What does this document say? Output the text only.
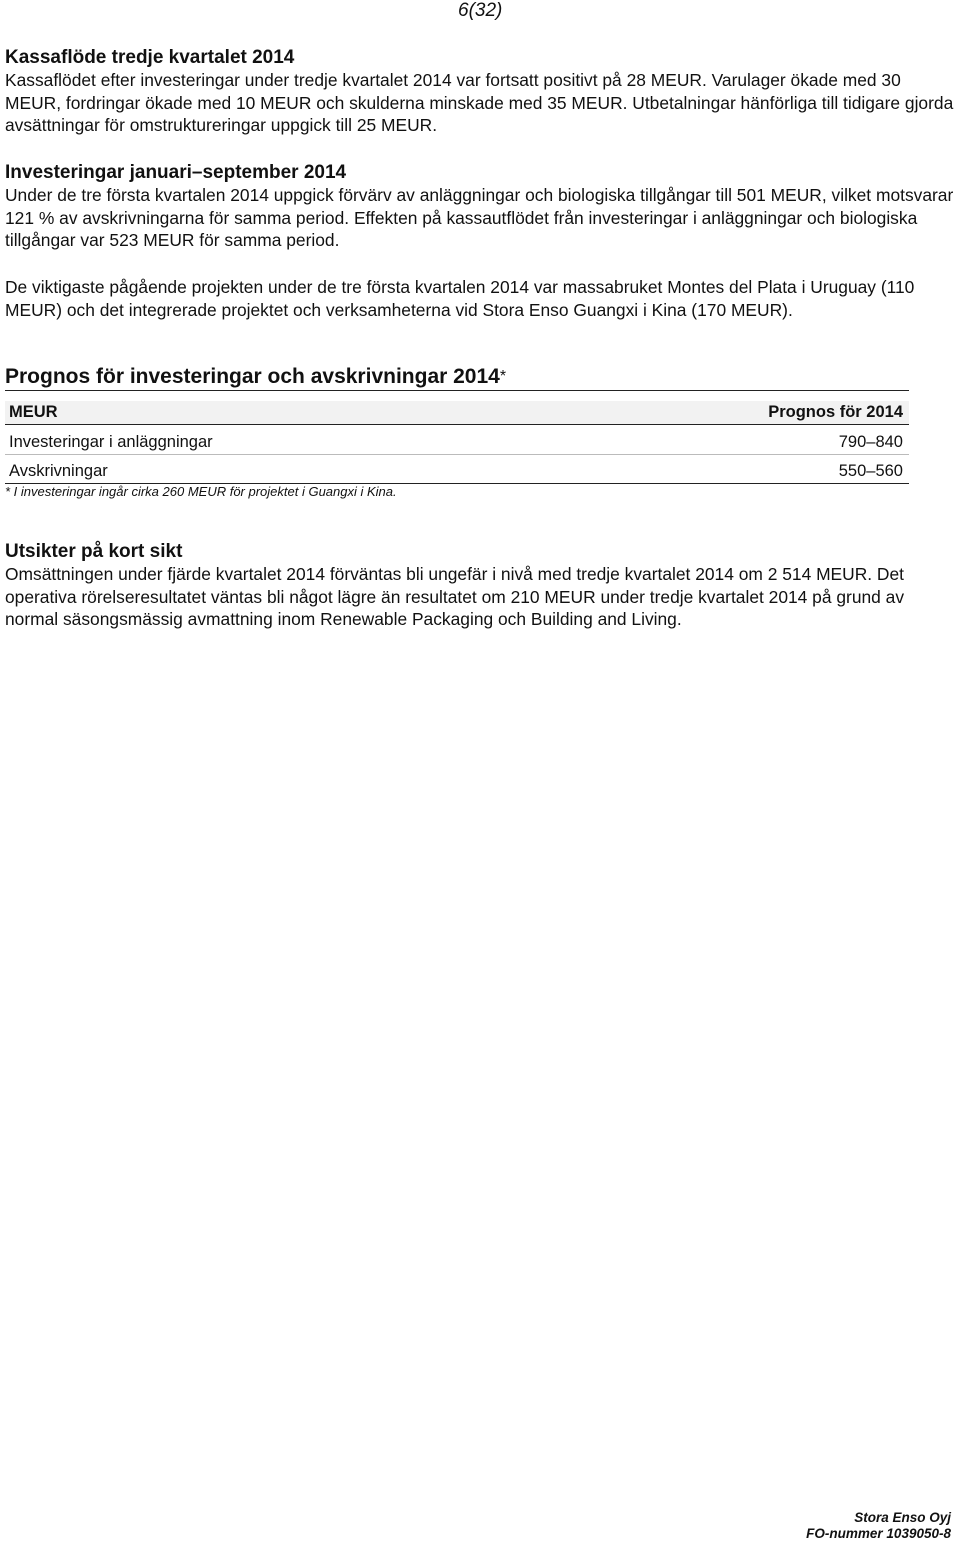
6(32)

Kassaflöde tredje kvartalet 2014

Kassaflödet efter investeringar under tredje kvartalet 2014 var fortsatt positivt på 28 MEUR. Varulager ökade med 30 MEUR, fordringar ökade med 10 MEUR och skulderna minskade med 35 MEUR. Utbetalningar hänförliga till tidigare gjorda avsättningar för omstruktureringar uppgick till 25 MEUR.

Investeringar januari–september 2014

Under de tre första kvartalen 2014 uppgick förvärv av anläggningar och biologiska tillgångar till 501 MEUR, vilket motsvarar 121 % av avskrivningarna för samma period. Effekten på kassautflödet från investeringar i anläggningar och biologiska tillgångar var 523 MEUR för samma period.

De viktigaste pågående projekten under de tre första kvartalen 2014 var massabruket Montes del Plata i Uruguay (110 MEUR) och det integrerade projektet och verksamheterna vid Stora Enso Guangxi i Kina (170 MEUR).

Prognos för investeringar och avskrivningar 2014*

MEUR	Prognos för 2014
Investeringar i anläggningar	790–840
Avskrivningar	550–560

* I investeringar ingår cirka 260 MEUR för projektet i Guangxi i Kina.

Utsikter på kort sikt

Omsättningen under fjärde kvartalet 2014 förväntas bli ungefär i nivå med tredje kvartalet 2014 om 2 514 MEUR. Det operativa rörelseresultatet väntas bli något lägre än resultatet om 210 MEUR under tredje kvartalet 2014 på grund av normal säsongsmässig avmattning inom Renewable Packaging och Building and Living.

Stora Enso Oyj
FO-nummer 1039050-8
